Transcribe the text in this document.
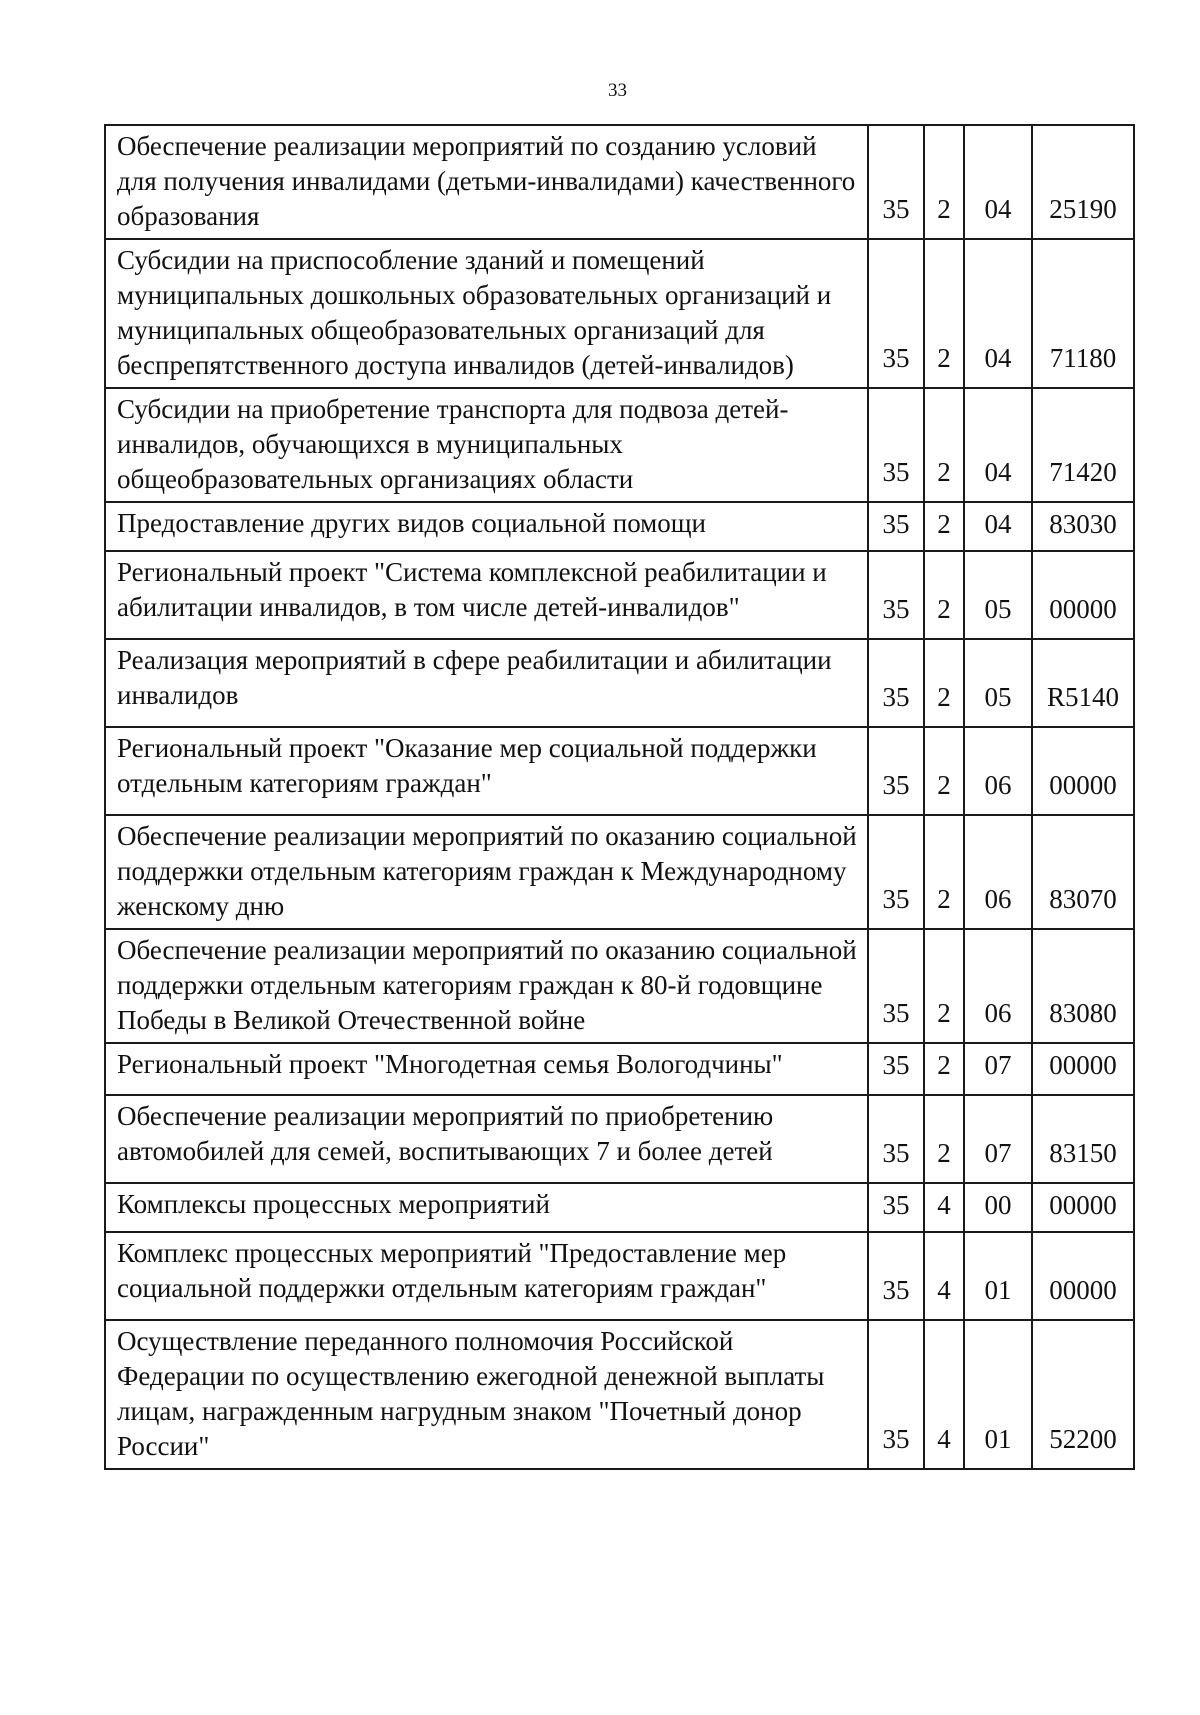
33
Обеспечение реализации мероприятий по созданию условий для получения инвалидами (детьми-инвалидами) качественного образования	35	2	04	25190
Субсидии на приспособление зданий и помещений муниципальных дошкольных образовательных организаций и муниципальных общеобразовательных организаций для беспрепятственного доступа инвалидов (детей-инвалидов)	35	2	04	71180
Субсидии на приобретение транспорта для подвоза детей-инвалидов, обучающихся в муниципальных общеобразовательных организациях области	35	2	04	71420
Предоставление других видов социальной помощи	35	2	04	83030
Региональный проект "Система комплексной реабилитации и абилитации инвалидов, в том числе детей-инвалидов"	35	2	05	00000
Реализация мероприятий в сфере реабилитации и абилитации инвалидов	35	2	05	R5140
Региональный проект "Оказание мер социальной поддержки отдельным категориям граждан"	35	2	06	00000
Обеспечение реализации мероприятий по оказанию социальной поддержки отдельным категориям граждан к Международному женскому дню	35	2	06	83070
Обеспечение реализации мероприятий по оказанию социальной поддержки отдельным категориям граждан к 80-й годовщине Победы в Великой Отечественной войне	35	2	06	83080
Региональный проект "Многодетная семья Вологодчины"	35	2	07	00000
Обеспечение реализации мероприятий по приобретению автомобилей для семей, воспитывающих 7 и более детей	35	2	07	83150
Комплексы процессных мероприятий	35	4	00	00000
Комплекс процессных мероприятий "Предоставление мер социальной поддержки отдельным категориям граждан"	35	4	01	00000
Осуществление переданного полномочия Российской Федерации по осуществлению ежегодной денежной выплаты лицам, награжденным нагрудным знаком "Почетный донор России"	35	4	01	52200
